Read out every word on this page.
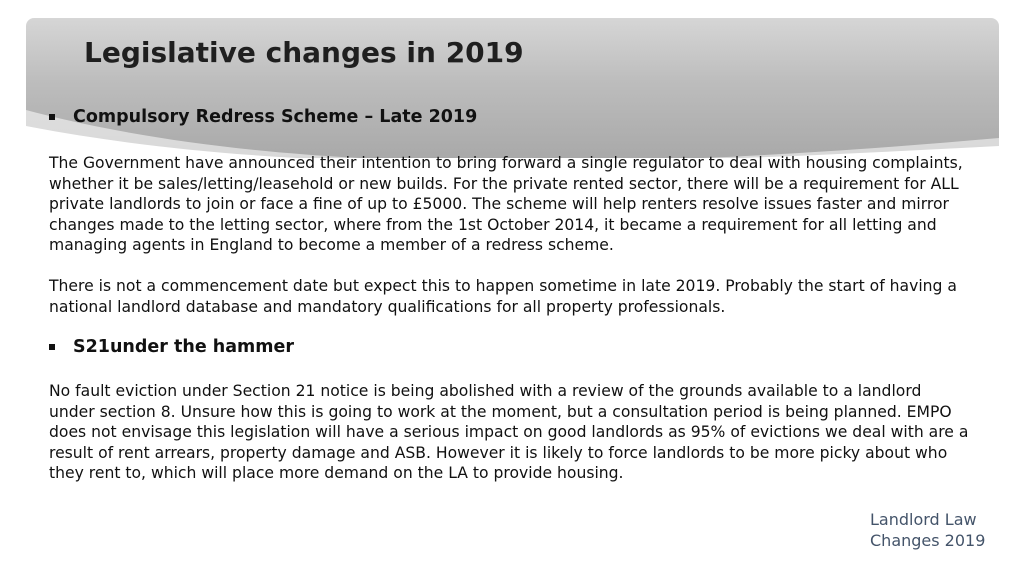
Legislative changes in 2019
Compulsory Redress Scheme – Late 2019

The Government have announced their intention to bring forward a single regulator to deal with housing complaints, whether it be sales/letting/leasehold or new builds. For the private rented sector, there will be a requirement for ALL private landlords to join or face a fine of up to £5000. The scheme will help renters resolve issues faster and mirror changes made to the letting sector, where from the 1st October 2014, it became a requirement for all letting and managing agents in England to become a member of a redress scheme.

There is not a commencement date but expect this to happen sometime in late 2019. Probably the start of having a national landlord database and mandatory qualifications for all property professionals.

S21under the hammer

No fault eviction under Section 21 notice is being abolished with a review of the grounds available to a landlord under section 8. Unsure how this is going to work at the moment, but a consultation period is being planned. EMPO does not envisage this legislation will have a serious impact on good landlords as 95% of evictions we deal with are a result of rent arrears, property damage and ASB. However it is likely to force landlords to be more picky about who they rent to, which will place more demand on the LA to provide housing.

Landlord Law
Changes 2019
